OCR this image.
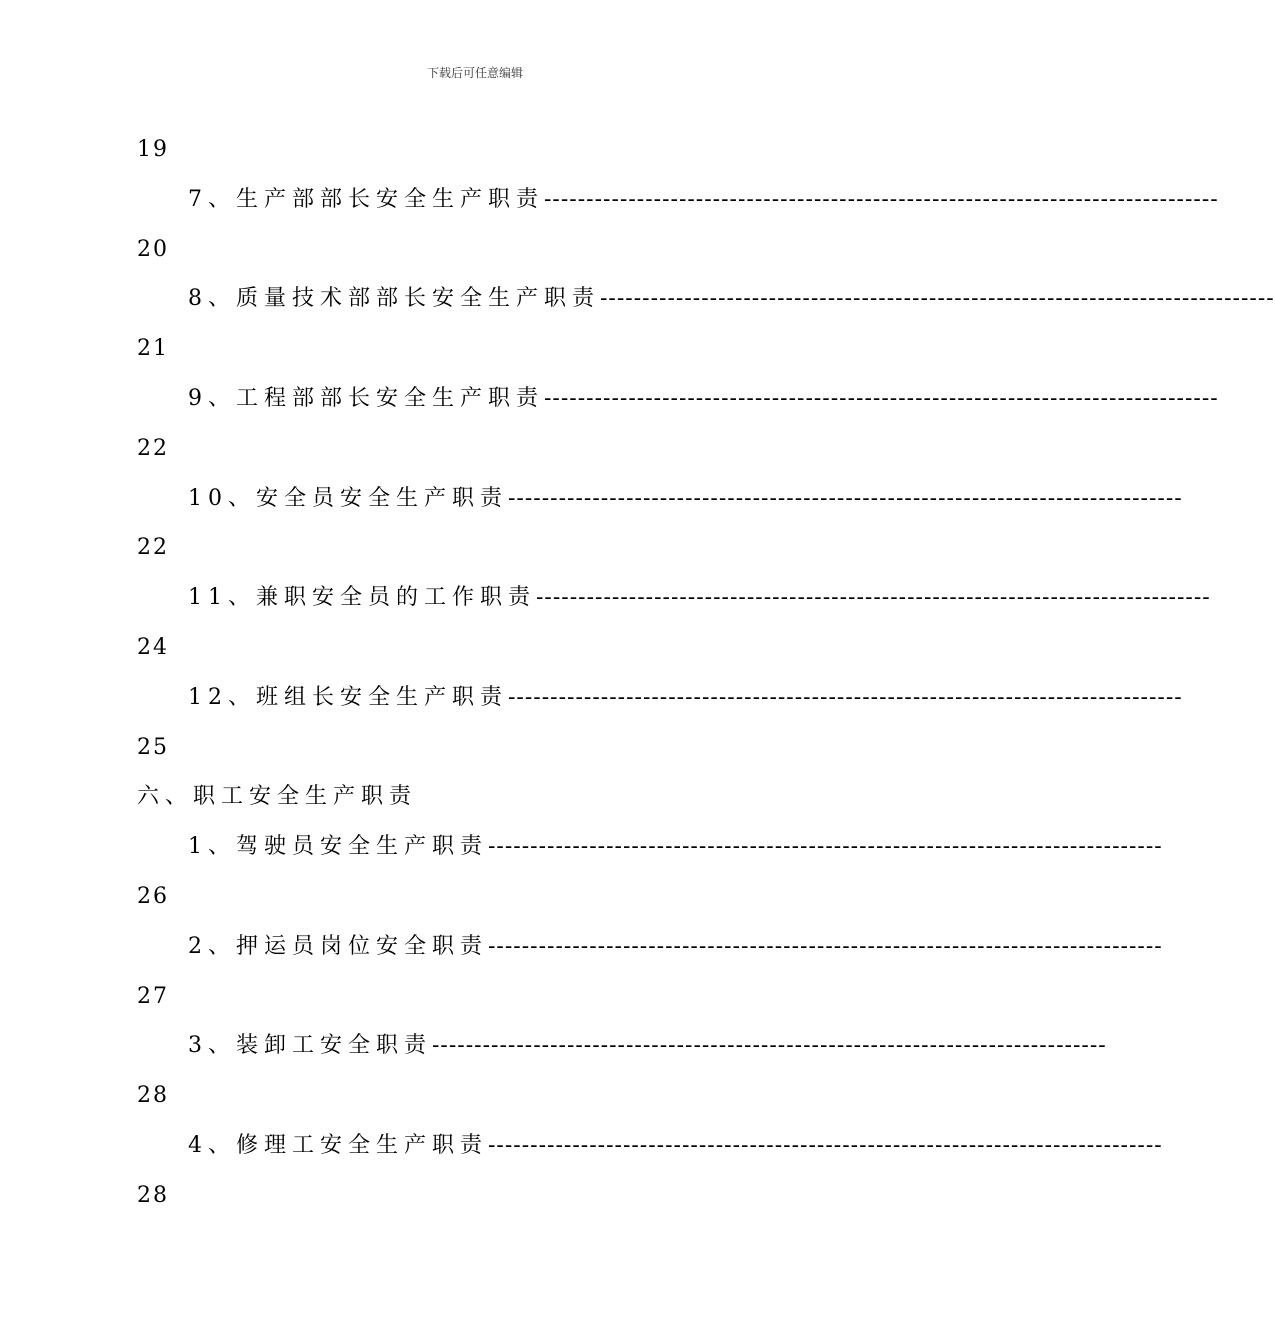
下载后可任意编辑
19
7、生产部部长安全生产职责 --------------------------------------------------------------------------------
20
8、质量技术部部长安全生产职责 --------------------------------------------------------------------------------
21
9、工程部部长安全生产职责 --------------------------------------------------------------------------------
22
10、安全员安全生产职责 --------------------------------------------------------------------------------
22
11、兼职安全员的工作职责 --------------------------------------------------------------------------------
24
12、班组长安全生产职责 --------------------------------------------------------------------------------
25
六、职工安全生产职责
1、驾驶员安全生产职责 --------------------------------------------------------------------------------
26
2、押运员岗位安全职责 --------------------------------------------------------------------------------
27
3、装卸工安全职责 --------------------------------------------------------------------------------
28
4、修理工安全生产职责 --------------------------------------------------------------------------------
28
